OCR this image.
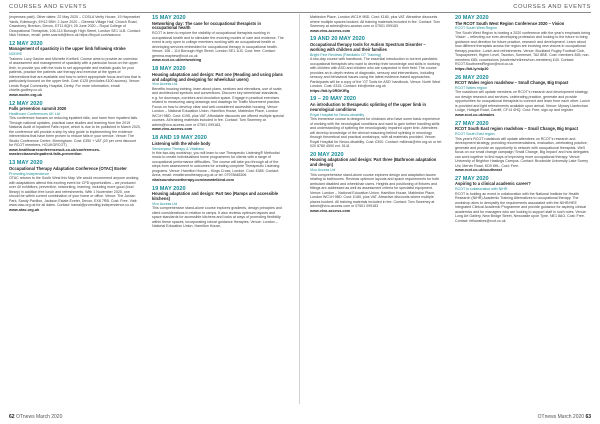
COURSES AND EVENTS	COURSES AND EVENTS
(expenses paid). Other dates: 22 May 2020 – COSLA Verity House, 19 Haymarket Yards, Edinburgh, EH12 5BH; 2 June 2020 – Glenesk Village Hall, Church Road, Cawsborry, Brenton, Devon, DT11 8QH; 25 June 2020 – Royal College of Occupational Therapists, 106-114 Borough High Street, London SE1 1LB. Contact: Nick Hobson, email: peter.scarrott@lincs.uk https://tinyurl.com/waxuxc
12 MAY 2020
Management of spasticity in the upper limb following stroke
NODRE
Trainers: Lucy Gavine and Michelle Kurthell. Course aims to provide an overview of assessment and management of spasticity with a particular focus on the upper limb, to provide you with the tools to set appropriate and realistic goals for your patients, practice the patients use therapy and exercise at the types of interventions that are available and how to select appropriate focus and how that is particularly focused on the upper limb. Cost: £125 (excludes £100 access). Venue: Leeds Royal Community Hospital, Derby. For more information, email: charlie.godfrey.co.uk
www.nodre.org.uk
12 MAY 2020
Falls prevention summit 2020
Healthcare Conferences UK Ltd
This conference focuses on reducing inpatient falls, and harm from inpatient falls. Through national updates, practical case studies and learning from the 2019 National Audit of Inpatient Falls report, which is due to be published in March 2020, the conference will provide a step by step guide to implementing the evidence interventions that have been proven to reduce falls in your service. Venue: The Studio Conference Centre, Birmingham. Cost: £350 + VAT (20 per cent discount for RCOT members, HCUKGRCOT)
www.healthcareconferencesuk.co.uk/conferences-masterclasses/inpatient-falls-prevention
13 MAY 2020
Occupational Therapy Adaptation Conference (OTAC) Exeter
Promoting Independence
OTAC returns to the South West this May. We would recommend anyone working with adaptations attend this exciting event for CPD opportunities – we produced over 40 exhibitors, preventive, networking, learning, including more good (loud library) in addition free lunch and refreshments. With 1 November 2020, one should be within current combination of your home or office. Venue: The Jordan Park, Sandy Pavilion, Jackson Estate Exeter, Devon, EX6 7RB. Cost: Free. Visit: www.otac.org.uk for all dates. Contact: kamal@promoting-independence.co.uk
www.otac.org.uk
15 MAY 2020
Networking day: The case for occupational therapists in occupational health
RCOT is keen to explore the visibility of occupational therapists working in occupational health and to stimulate the evolving modes of care and evidence. The event is only open to college members working with an occupational health or developing services embedded for occupational therapy in occupational health. Venue: 106 – 114 Borough High Street, London SE1 1LB. Cost: free. Contact: gemma.mayhew@rcot.co.uk
www.rcot.co.uk/networking
18 MAY 2020
Housing adaptation and design: Part one (Reading and using plans and adapting and designing for wheelchair users)
Vivo Access Ltd
Benefits housing training, learn about plans, sections and elevations, use of scale, and architectural symbols and conventions. Discover key wheelchair standards, e.g. for doorways, corridors and circulation space. Engage in practical exercises related to measuring using drawings and drawings for Traffic Movement practice. Focus on how to develop clear and well-considered accessible housing. Venue: London – National Education Union, Hamilton House, Mabledon Place, London WC1H 9BD. Cost: £195, plus VAT. Affordable discounts are offered multiple special courses. All training materials included in fee. Contact: Tom Sweeney at admin@vivo-access.com or 07501 099183,
www.vivo-access.com
18 AND 19 MAY 2020
Listening with the whole body
Sensoryanz Therapy & Vitalitanu
In this two-day workshop, you will learn to use Therapeutic Listening® Methodist music to create individualised home programmes for clients with a range of occupational performance difficulties. The course will take you through all of the steps from assessment to outcomes for creating complete Therapeutic Listening programs. Venue: Hamilton House – Kings Cross, London. Cost: £385. Contact: Anna, email: emaileranotherapy.org.uk or tel: 07978648306
vitalsoundsnowtherapy.com/wwwtelkind.com
19 MAY 2020
Housing adaptation and design: Part two (Ramps and accessible kitchens)
Vivo Access Ltd
This comprehensive stand-alone course explores gradients, design principles and client considerations in relation to ramps. It also reviews optimum layouts and space standards for accessible kitchens and looks at ways of promoting flexibility within these spaces, incorporating robust guidance therapies. Venue: London – National Education Union, Hamilton House,
Mabledon Place, London WC1H 9BD. Cost: £180, plus VAT. Attractive discounts where multiple spaces booked. All training materials included in fee. Contact: Tom Sweeney at admin@vivo-access.com or 07501 099183
www.vivo-access.com
19 AND 20 MAY 2020
Occupational therapy tools for Autism Spectrum Disorder – working with children and their families
Bright Fine Reviews (Paediatric OT Training)
A two-day course with handbook. The essential introduction to current paediatric occupational therapists who want to develop their knowledge and skills in working with children with ASD and children who are suspected in their field. The course provides an in-depth review of diagnostic, sensory and interventions, including sensory and behavioral issues using the latest evidence-based approaches. Participants will be a copy of the 'OT Tools for ASD' handbook. Venue: North West London. Cost: £315. Contact: info@mike.org.uk
https://bit.ly/2RDKIRg
19 – 20 MAY 2020
An introduction to therapeutic splinting of the upper limb in neurological conditions
Royal Hospital for Neuro-disability
This immersive course is designed for clinicians who have some basic experience of working with the neurological conditions and want to gain further handling skills and understanding of splinting the neurologically impaired upper limb. Attendees will develop knowledge of the clinical reasoning behind splinting in neurology through theoretical and practical workshops, with all materials provided. Venue: Royal Hospital for Neuro-disability. Cost: £300. Contact: milliecsi@rhn.org.uk or tel: 020 8780 4500 ext. 5141
20 MAY 2020
Housing adaptation and design: Part three (Bathroom adaptation and design)
Vivo Access Ltd
This comprehensive stand-alone course explores design and adaptation issues relating to bathrooms. Reviews optimum layouts and space requirements for both ambulant disabled and wheelchair users. Heights and positioning of fixtures and fittings are addressed as well as assessment criteria for specialist equipment. Venue: London – National Education Union, Hamilton House, Mabledon Place, London WC1H 9BD. Cost: £180, plus VAT. Attractive discounts where multiple places booked. All training materials included in fee. Contact: Tom Sweeney at admin@vivo-access.com or 07501 099183
www.vivo-access.com
20 MAY 2020
The RCOT South West Region Conference 2020 – Vision
RCOT South West Region
The South West Region is hosting a 2020 conference with the year's emphasis being 'Vision' – reflecting our ever-developing profession and looking to the future to bring guidance and direction for future practice, research and development. Learn about how different therapists across the region are evolving new visions in occupational therapy practice. Lunch and refreshments. Venue: Buckland Rugby Football Club, Torquaystreet, Higher Level, Taunton, Somerset, TA2 8BE. Cost: members £65; non-members £85; concessions (students/retirees/non-members) £40. Contact: RCOT.SouthwestRegion@rcot.co.uk
https://bit.ly/n4p20
26 MAY 2020
RCOT Wales region roadshow – Small Change, Big Impact
RCOT Wales region
The roadshow will update members on RCOT's research and development strategy, our design research and services, celebrating practice, generate and provide opportunities for occupational therapists to connect and learn from each other. Lunch is provided and light refreshments available upon arrival. Venue: Mynwy Llanfechan Lodge, Holsgat Road, Cardiff, CF14 4HQ. Cost: Free, sign-up and register.
www.rcot.co.uk/wales
27 MAY 2020
RCOT South East region roadshow – Small Change, Big Impact
RCOT South East region
This year's RCOT roadshow will update attendees on RCOT's research and development strategy, providing recommendations, evaluation, celebrating practice, generate and provide an opportunity to network with occupational therapists. We'll focus on our small change campaign 'Small Change, Big Impact' and how delegates can work together to find ways of improving more occupational therapy. Venue: University of Brighton Hastings Campus. Contact: Brookside University Lake Surrey Uni, Mervin Road, KD9 8HL. Cost: Free.
www.rcot.co.uk/southeast
27 MAY 2020
Aspiring to a clinical academic career?
RCOT in collaboration with NIHR
RCOT is holding an event in collaboration with the National Institute for Health Research (NIHR) Academic Training Alternatives to occupational therapy. The workshop aims to demystify the requirements associated with the NIHR/HEE Integrated Clinical Academic Programme and provide guidance for aspiring clinical academics and for managers who are looking to support staff in such roles. Venue: Long Art Gallery, New Bridge Street, Newcastle upon Tyne. NE1 8AG. Cost: Free. Contact: fellowsfors@rcot.co.uk
62 OTnews March 2020	OTnews March 2020 63
